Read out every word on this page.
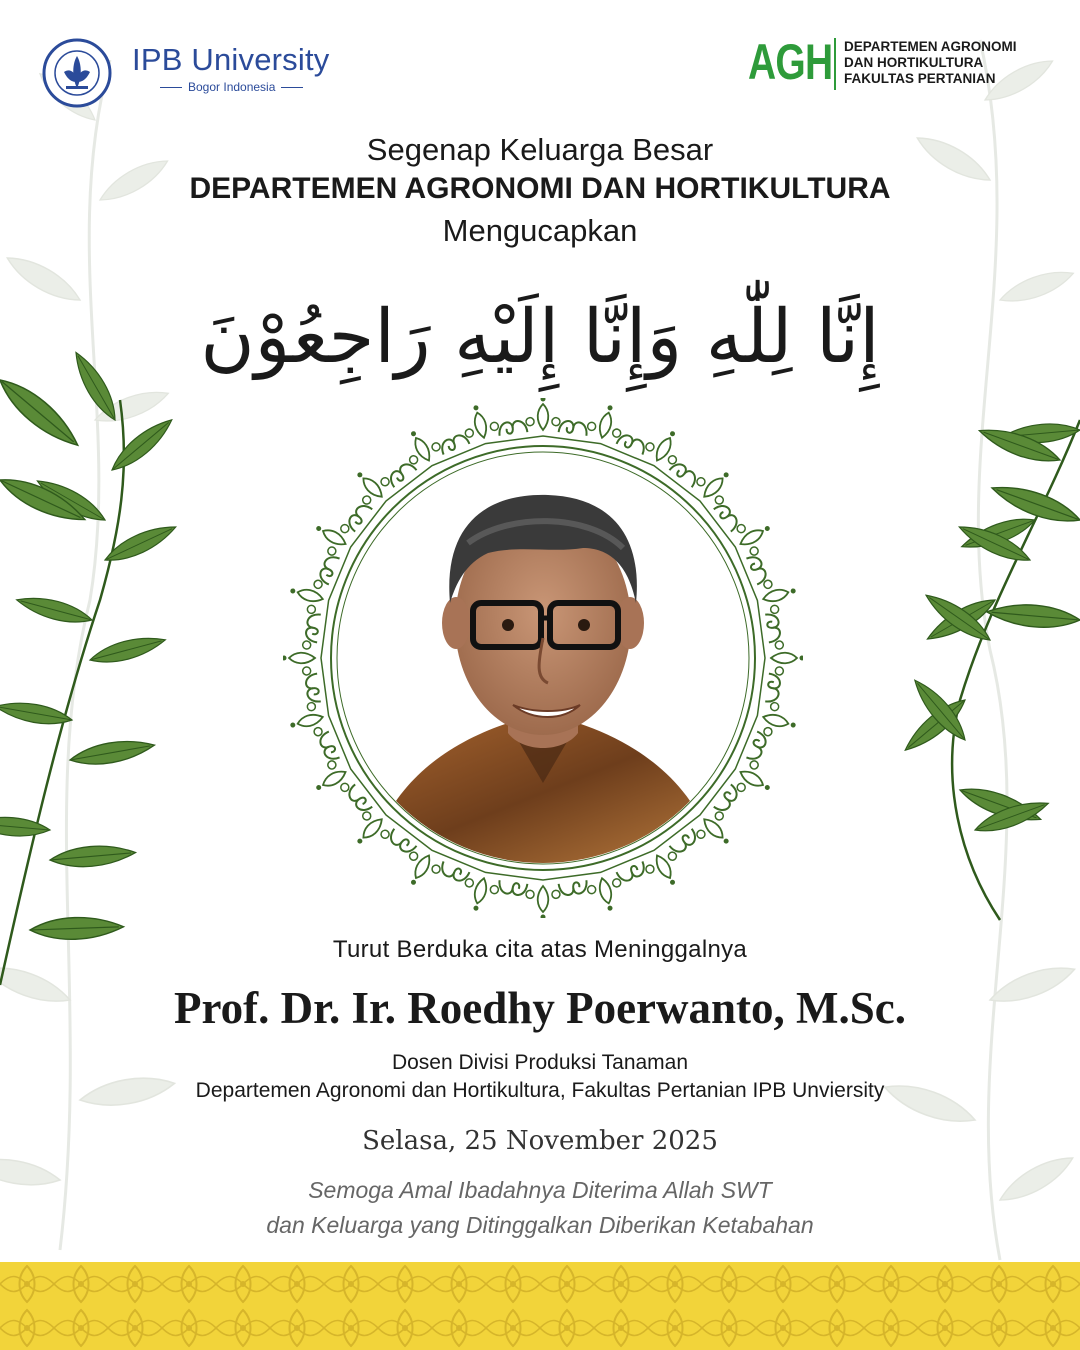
IPB University
Bogor Indonesia	AGH DEPARTEMEN AGRONOMI
DAN HORTIKULTURA
FAKULTAS PERTANIAN
Segenap Keluarga Besar
DEPARTEMEN AGRONOMI DAN HORTIKULTURA
Mengucapkan
إِنَّا لِلّٰهِ وَإِنَّا إِلَيْهِ رَاجِعُوْنَ
Turut Berduka cita atas Meninggalnya
Prof. Dr. Ir. Roedhy Poerwanto, M.Sc.
Dosen Divisi Produksi Tanaman
Departemen Agronomi dan Hortikultura, Fakultas Pertanian IPB Unviersity
Selasa, 25 November 2025
Semoga Amal Ibadahnya Diterima Allah SWT
dan Keluarga yang Ditinggalkan Diberikan Ketabahan
